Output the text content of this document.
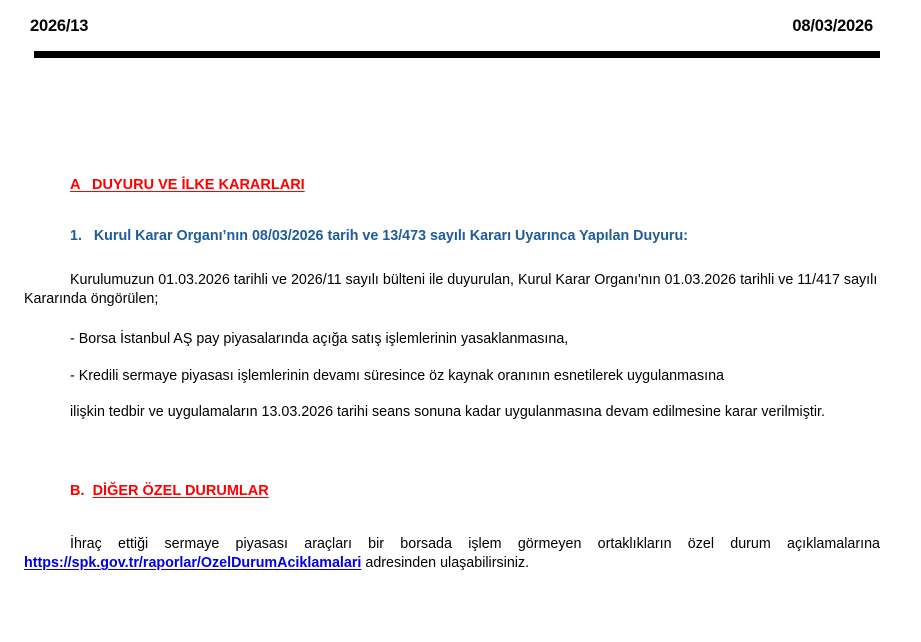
2026/13	08/03/2026
A   DUYURU VE İLKE KARARLARI
1. Kurul Karar Organı’nın 08/03/2026 tarih ve 13/473 sayılı Kararı Uyarınca Yapılan Duyuru:

Kurulumuzun 01.03.2026 tarihli ve 2026/11 sayılı bülteni ile duyurulan, Kurul Karar Organı'nın 01.03.2026 tarihli ve 11/417 sayılı Kararında öngörülen;

- Borsa İstanbul AŞ pay piyasalarında açığa satış işlemlerinin yasaklanmasına,

- Kredili sermaye piyasası işlemlerinin devamı süresince öz kaynak oranının esnetilerek uygulanmasına

ilişkin tedbir ve uygulamaların 13.03.2026 tarihi seans sonuna kadar uygulanmasına devam edilmesine karar verilmiştir.

B. DİĞER ÖZEL DURUMLAR

İhraç ettiği sermaye piyasası araçları bir borsada işlem görmeyen ortaklıkların özel durum açıklamalarına https://spk.gov.tr/raporlar/OzelDurumAciklamalari adresinden ulaşabilirsiniz.
